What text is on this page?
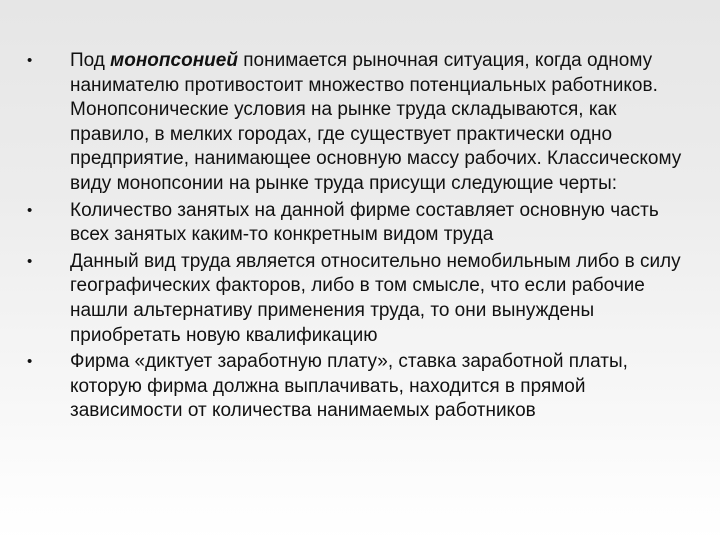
• Под монопсонией понимается рыночная ситуация, когда одному нанимателю противостоит множество потенциальных работников. Монопсонические условия на рынке труда складываются, как правило, в мелких городах, где существует практически одно предприятие, нанимающее основную массу рабочих. Классическому виду монопсонии на рынке труда присущи следующие черты:
• Количество занятых на данной фирме составляет основную часть всех занятых каким-то конкретным видом труда
• Данный вид труда является относительно немобильным либо в силу географических факторов, либо в том смысле, что если рабочие нашли альтернативу применения труда, то они вынуждены приобретать новую квалификацию
• Фирма «диктует заработную плату», ставка заработной платы, которую фирма должна выплачивать, находится в прямой зависимости от количества нанимаемых работников
